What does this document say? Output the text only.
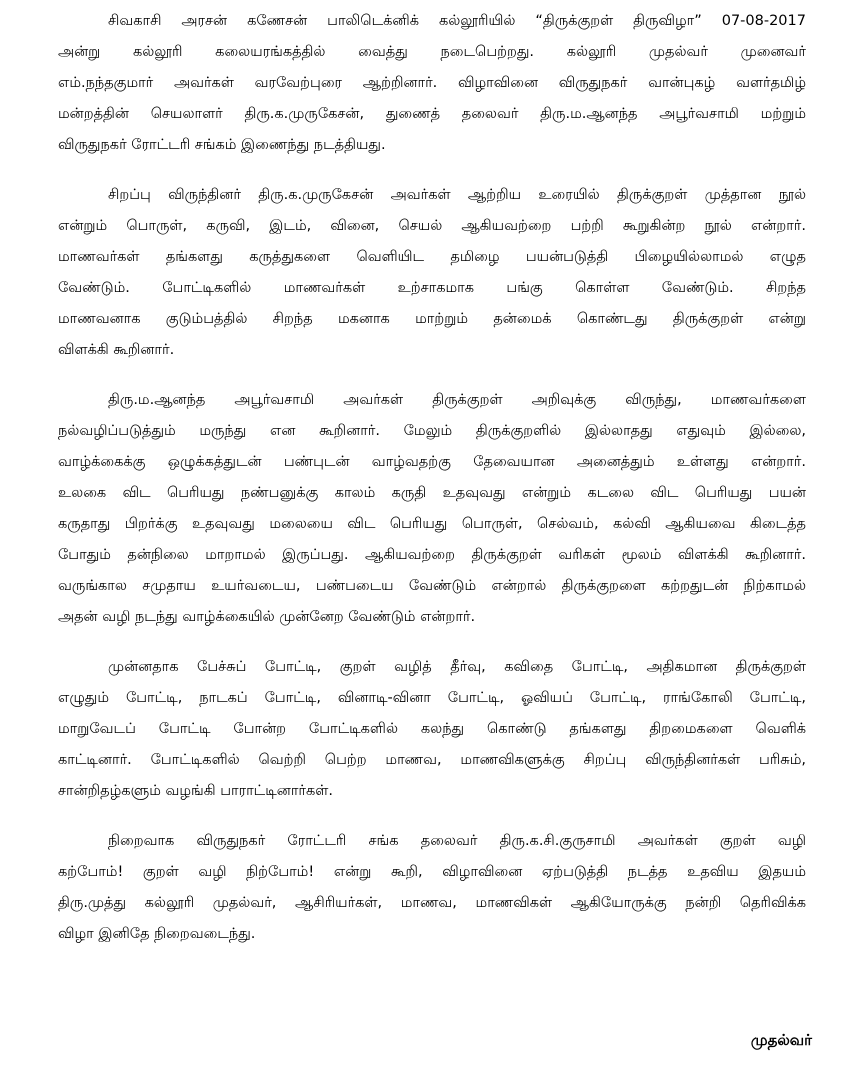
சிவகாசி அரசன் கணேசன் பாலிடெக்னிக் கல்லூரியில் “திருக்குறள் திருவிழா” 07-08-2017
அன்று கல்லூரி கலையரங்கத்தில் வைத்து நடைபெற்றது. கல்லூரி முதல்வர் முனைவர்
எம்.நந்தகுமார் அவர்கள் வரவேற்புரை ஆற்றினார். விழாவினை விருதுநகர் வான்புகழ் வளர்தமிழ்
மன்றத்தின் செயலாளர் திரு.க.முருகேசன், துணைத் தலைவர் திரு.ம.ஆனந்த அபூர்வசாமி மற்றும்
விருதுநகர் ரோட்டரி சங்கம் இணைந்து நடத்தியது.

சிறப்பு விருந்தினர் திரு.க.முருகேசன் அவர்கள் ஆற்றிய உரையில் திருக்குறள் முத்தான நூல்
என்றும் பொருள், கருவி, இடம், வினை, செயல் ஆகியவற்றை பற்றி கூறுகின்ற நூல் என்றார்.
மாணவர்கள் தங்களது கருத்துகளை வெளியிட தமிழை பயன்படுத்தி பிழையில்லாமல் எழுத
வேண்டும். போட்டிகளில் மாணவர்கள் உற்சாகமாக பங்கு கொள்ள வேண்டும். சிறந்த
மாணவனாக குடும்பத்தில் சிறந்த மகனாக மாற்றும் தன்மைக் கொண்டது திருக்குறள் என்று
விளக்கி கூறினார்.

திரு.ம.ஆனந்த அபூர்வசாமி அவர்கள் திருக்குறள் அறிவுக்கு விருந்து, மாணவர்களை
நல்வழிப்படுத்தும் மருந்து என கூறினார். மேலும் திருக்குறளில் இல்லாதது எதுவும் இல்லை,
வாழ்க்கைக்கு ஒழுக்கத்துடன் பண்புடன் வாழ்வதற்கு தேவையான அனைத்தும் உள்ளது என்றார்.
உலகை விட பெரியது நண்பனுக்கு காலம் கருதி உதவுவது என்றும் கடலை விட பெரியது பயன்
கருதாது பிறர்க்கு உதவுவது மலையை விட பெரியது பொருள், செல்வம், கல்வி ஆகியவை கிடைத்த
போதும் தன்நிலை மாறாமல் இருப்பது. ஆகியவற்றை திருக்குறள் வரிகள் மூலம் விளக்கி கூறினார்.
வருங்கால சமுதாய உயர்வடைய, பண்படைய வேண்டும் என்றால் திருக்குறளை கற்றதுடன் நிற்காமல்
அதன் வழி நடந்து வாழ்க்கையில் முன்னேற வேண்டும் என்றார்.

முன்னதாக பேச்சுப் போட்டி, குறள் வழித் தீர்வு, கவிதை போட்டி, அதிகமான திருக்குறள்
எழுதும் போட்டி, நாடகப் போட்டி, வினாடி-வினா போட்டி, ஓவியப் போட்டி, ராங்கோலி போட்டி,
மாறுவேடப் போட்டி போன்ற போட்டிகளில் கலந்து கொண்டு தங்களது திறமைகளை வெளிக்
காட்டினார். போட்டிகளில் வெற்றி பெற்ற மாணவ, மாணவிகளுக்கு சிறப்பு விருந்தினர்கள் பரிசும்,
சான்றிதழ்களும் வழங்கி பாராட்டினார்கள்.

நிறைவாக விருதுநகர் ரோட்டரி சங்க தலைவர் திரு.க.சி.குருசாமி அவர்கள் குறள் வழி
கற்போம்! குறள் வழி நிற்போம்! என்று கூறி, விழாவினை ஏற்படுத்தி நடத்த உதவிய இதயம்
திரு.முத்து கல்லூரி முதல்வர், ஆசிரியர்கள், மாணவ, மாணவிகள் ஆகியோருக்கு நன்றி தெரிவிக்க
விழா இனிதே நிறைவடைந்து.

முதல்வர்
